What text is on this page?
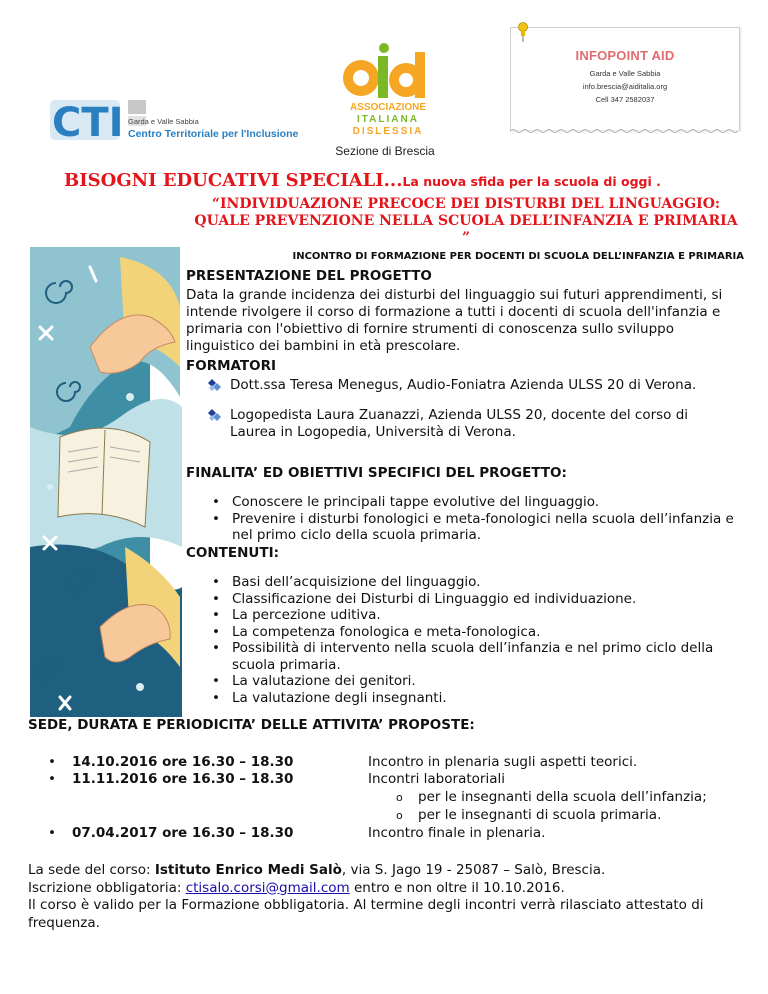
CTI Garda e Valle Sabbia
Centro Territoriale per l'Inclusione
ASSOCIAZIONE
ITALIANA
DISLESSIA
Sezione di Brescia
INFOPOINT AID
Garda e Valle Sabbia
info.brescia@aiditalia.org
Cell 347 2582037
BISOGNI EDUCATIVI SPECIALI...La nuova sfida per la scuola di oggi .
“INDIVIDUAZIONE PRECOCE DEI DISTURBI DEL LINGUAGGIO: QUALE PREVENZIONE NELLA SCUOLA DELL’INFANZIA E PRIMARIA ”
INCONTRO DI FORMAZIONE PER DOCENTI DI SCUOLA DELL’INFANZIA E PRIMARIA
PRESENTAZIONE DEL PROGETTO
Data la grande incidenza dei disturbi del linguaggio sui futuri apprendimenti, si intende rivolgere il corso di formazione a tutti i docenti di scuola dell'infanzia e primaria con l'obiettivo di fornire strumenti di conoscenza sullo sviluppo linguistico dei bambini in età prescolare.
FORMATORI
Dott.ssa Teresa Menegus, Audio-Foniatra Azienda ULSS 20 di Verona.
Logopedista Laura Zuanazzi, Azienda ULSS 20, docente del corso di Laurea in Logopedia, Università di Verona.
FINALITA’ ED OBIETTIVI SPECIFICI DEL PROGETTO:
• Conoscere le principali tappe evolutive del linguaggio.
• Prevenire i disturbi fonologici e meta-fonologici nella scuola dell’infanzia e nel primo ciclo della scuola primaria.
CONTENUTI:
• Basi dell’acquisizione del linguaggio.
• Classificazione dei Disturbi di Linguaggio ed individuazione.
• La percezione uditiva.
• La competenza fonologica e meta-fonologica.
• Possibilità di intervento nella scuola dell’infanzia e nel primo ciclo della scuola primaria.
• La valutazione dei genitori.
• La valutazione degli insegnanti.
SEDE, DURATA E PERIODICITA’ DELLE ATTIVITA’ PROPOSTE:
• 14.10.2016 ore 16.30 – 18.30
• 11.11.2016 ore 16.30 – 18.30
• 07.04.2017 ore 16.30 – 18.30
Incontro in plenaria sugli aspetti teorici.
Incontri laboratoriali
o per le insegnanti della scuola dell’infanzia;
o per le insegnanti di scuola primaria.
Incontro finale in plenaria.
La sede del corso: Istituto Enrico Medi Salò, via S. Jago 19 - 25087 – Salò, Brescia.
Iscrizione obbligatoria: ctisalo.corsi@gmail.com entro e non oltre il 10.10.2016.
Il corso è valido per la Formazione obbligatoria. Al termine degli incontri verrà rilasciato attestato di frequenza.
